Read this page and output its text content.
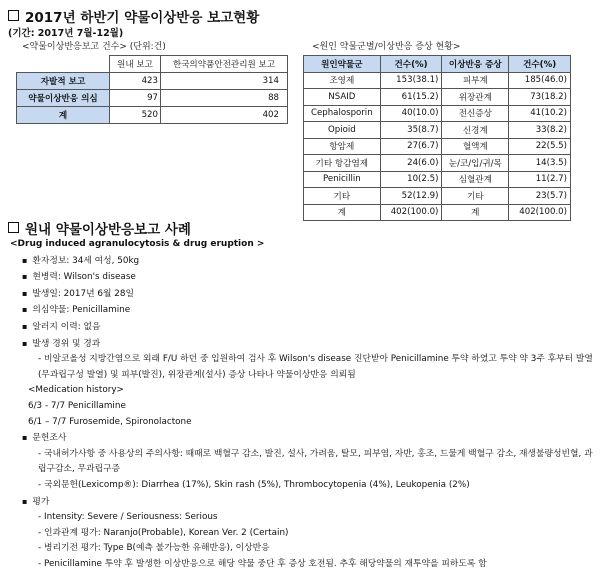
2017년 하반기 약물이상반응 보고현황
(기간: 2017년 7월-12월)
<약물이상반응보고 건수> (단위:건)
	원내 보고	한국의약품안전관리원 보고
자발적 보고	423	314
약물이상반응 의심	97	88
계	520	402
<원인 약물군별/이상반응 증상 현황>
원인약물군	건수(%)	이상반응 증상	건수(%)
조영제	153(38.1)	피부계	185(46.0)
NSAID	61(15.2)	위장관계	73(18.2)
Cephalosporin	40(10.0)	전신증상	41(10.2)
Opioid	35(8.7)	신경계	33(8.2)
항암제	27(6.7)	혈액계	22(5.5)
기타 항감염제	24(6.0)	눈/코/입/귀/목	14(3.5)
Penicillin	10(2.5)	심혈관계	11(2.7)
기타	52(12.9)	기타	23(5.7)
계	402(100.0)	계	402(100.0)
원내 약물이상반응보고 사례
<Drug induced agranulocytosis & drug eruption >
▪ 환자정보: 34세 여성, 50kg
▪ 현병력: Wilson's disease
▪ 발생일: 2017년 6월 28일
▪ 의심약물: Penicillamine
▪ 알러지 이력: 없음
▪ 발생 경위 및 경과
- 비알코올성 지방간염으로 외래 F/U 하던 중 입원하여 검사 후 Wilson's disease 진단받아 Penicillamine 투약 하였고 투약 약 3주 후부터 발열(무과립구성 발열) 및 피부(발진), 위장관계(설사) 증상 나타나 약물이상반응 의뢰됨
<Medication history>
6/3 - 7/7 Penicillamine
6/1 – 7/7 Furosemide, Spironolactone
▪ 문헌조사
- 국내허가사항 중 사용상의 주의사항: 때때로 백혈구 감소, 발진, 설사, 가려움, 탈모, 피부염, 자반, 홍조, 드물게 백혈구 감소, 재생불량성빈혈, 과립구감소, 무과립구증
- 국외문헌(Lexicomp®): Diarrhea (17%), Skin rash (5%), Thrombocytopenia (4%), Leukopenia (2%)
▪ 평가
- Intensity: Severe / Seriousness: Serious
- 인과관계 평가: Naranjo(Probable), Korean Ver. 2 (Certain)
- 병리기전 평가: Type B(예측 불가능한 유해반응), 이상반응
- Penicillamine 투약 후 발생한 이상반응으로 해당 약물 중단 후 증상 호전됨. 추후 해당약물의 재투약을 피하도록 함
